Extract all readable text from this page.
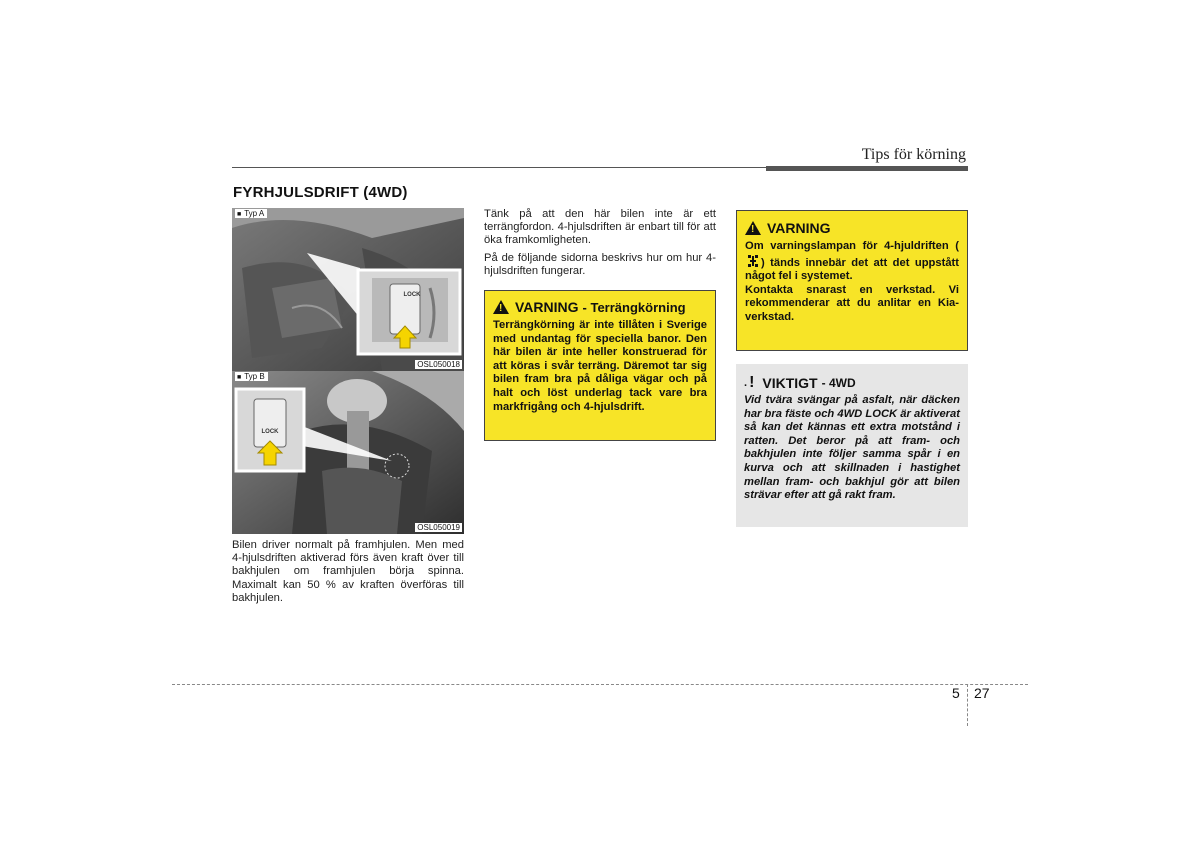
Tips för körning
FYRHJULSDRIFT (4WD)
LOCK
■ Typ A
OSL050018
LOCK
■ Typ B
OSL050019
Bilen driver normalt på framhjulen. Men med 4-hjulsdriften aktiverad förs även kraft över till bakhjulen om framhjulen börja spinna. Maximalt kan 50 % av kraften överföras till bakhjulen.
Tänk på att den här bilen inte är ett terrängfordon. 4-hjulsdriften är enbart till för att öka framkomligheten.
På de följande sidorna beskrivs hur om hur 4-hjulsdriften fungerar.
! VARNING - Terrängkörning
Terrängkörning är inte tillåten i Sverige med undantag för speciella banor. Den här bilen är inte heller konstruerad för att köras i svår terräng. Däremot tar sig bilen fram bra på dåliga vägar och på halt och löst underlag tack vare bra markfrigång och 4-hjulsdrift.
! VARNING
Om varningslampan för 4-hjuldriften () tänds innebär det att det uppstått något fel i systemet.
Kontakta snarast en verkstad. Vi rekommenderar att du anlitar en Kia-verkstad.
. ! VIKTIGT - 4WD
Vid tvära svängar på asfalt, när däcken har bra fäste och 4WD LOCK är aktiverat så kan det kännas ett extra motstånd i ratten. Det beror på att fram- och bakhjulen inte följer samma spår i en kurva och att skillnaden i hastighet mellan fram- och bakhjul gör att bilen strävar efter att gå rakt fram.
5 27
